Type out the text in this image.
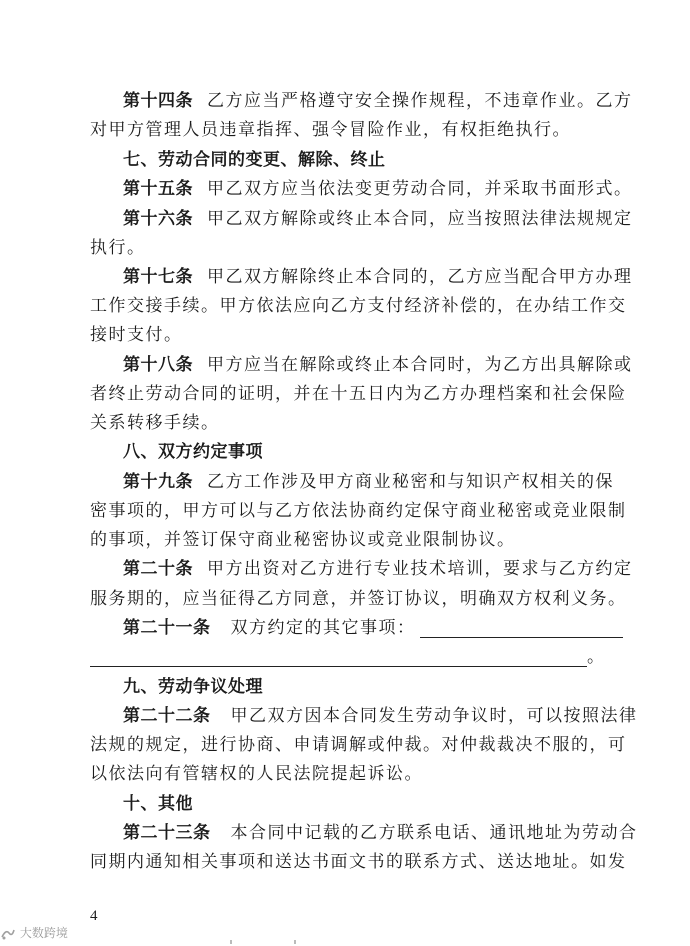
第十四条 乙方应当严格遵守安全操作规程，不违章作业。乙方
对甲方管理人员违章指挥、强令冒险作业，有权拒绝执行。
七、劳动合同的变更、解除、终止
第十五条 甲乙双方应当依法变更劳动合同，并采取书面形式。
第十六条 甲乙双方解除或终止本合同，应当按照法律法规规定
执行。
第十七条 甲乙双方解除终止本合同的，乙方应当配合甲方办理
工作交接手续。甲方依法应向乙方支付经济补偿的，在办结工作交
接时支付。
第十八条 甲方应当在解除或终止本合同时，为乙方出具解除或
者终止劳动合同的证明，并在十五日内为乙方办理档案和社会保险
关系转移手续。
八、双方约定事项
第十九条 乙方工作涉及甲方商业秘密和与知识产权相关的保
密事项的，甲方可以与乙方依法协商约定保守商业秘密或竞业限制
的事项，并签订保守商业秘密协议或竞业限制协议。
第二十条 甲方出资对乙方进行专业技术培训，要求与乙方约定
服务期的，应当征得乙方同意，并签订协议，明确双方权利义务。
第二十一条 双方约定的其它事项：
。
九、劳动争议处理
第二十二条 甲乙双方因本合同发生劳动争议时，可以按照法律
法规的规定，进行协商、申请调解或仲裁。对仲裁裁决不服的，可
以依法向有管辖权的人民法院提起诉讼。
十、其他
第二十三条 本合同中记载的乙方联系电话、通讯地址为劳动合
同期内通知相关事项和送达书面文书的联系方式、送达地址。如发
4
大数跨境
